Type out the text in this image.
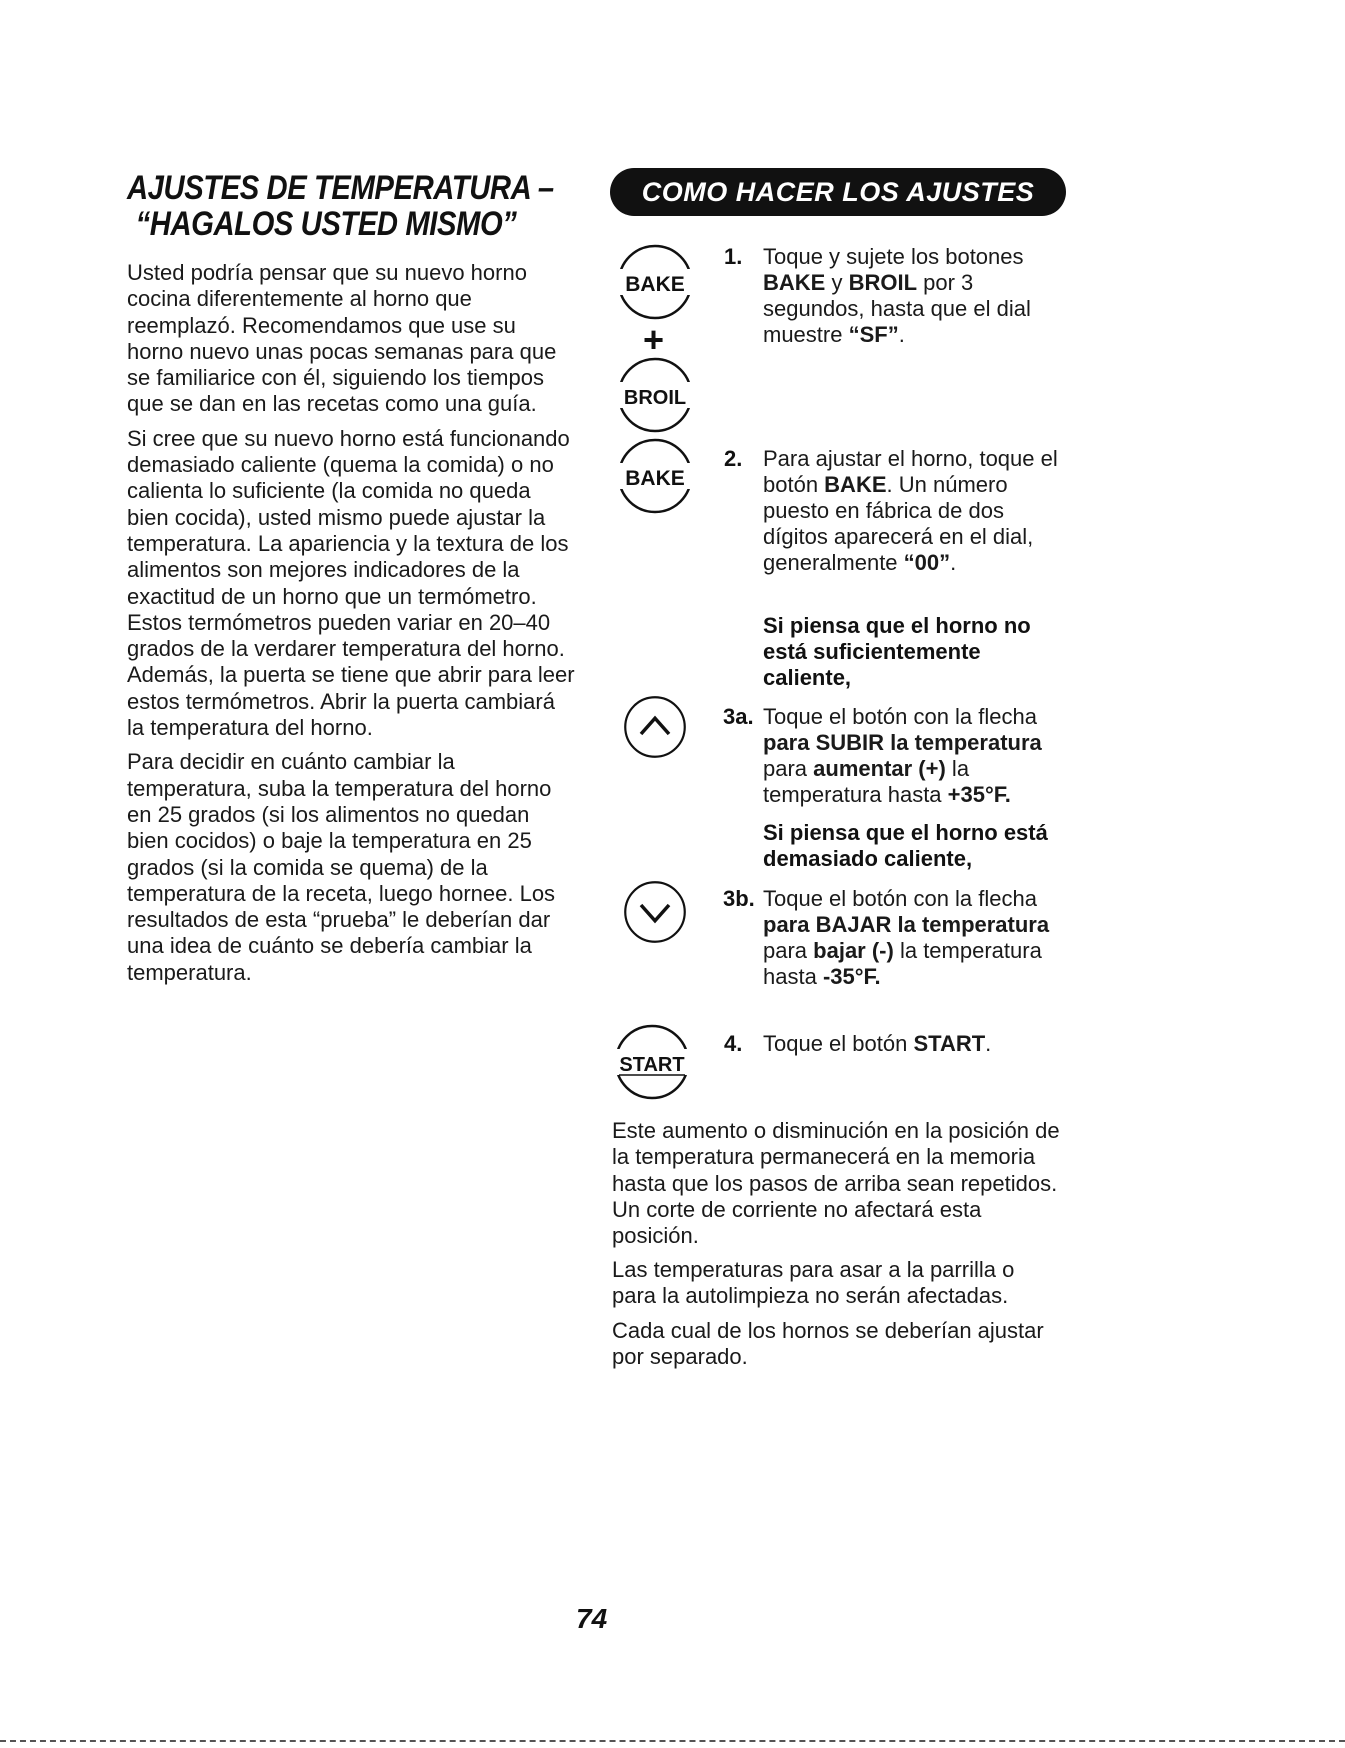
AJUSTES DE TEMPERATURA –
“HAGALOS USTED MISMO”

Usted podría pensar que su nuevo horno cocina diferentemente al horno que reemplazó. Recomendamos que use su horno nuevo unas pocas semanas para que se familiarice con él, siguiendo los tiempos que se dan en las recetas como una guía.

Si cree que su nuevo horno está funcionando demasiado caliente (quema la comida) o no calienta lo suficiente (la comida no queda bien cocida), usted mismo puede ajustar la temperatura. La apariencia y la textura de los alimentos son mejores indicadores de la exactitud de un horno que un termómetro. Estos termómetros pueden variar en 20–40 grados de la verdarer temperatura del horno. Además, la puerta se tiene que abrir para leer estos termómetros. Abrir la puerta cambiará la temperatura del horno.

Para decidir en cuánto cambiar la temperatura, suba la temperatura del horno en 25 grados (si los alimentos no quedan bien cocidos) o baje la temperatura en 25 grados (si la comida se quema) de la temperatura de la receta, luego hornee. Los resultados de esta “prueba” le deberían dar una idea de cuánto se debería cambiar la temperatura.

COMO HACER LOS AJUSTES
BAKE
+
BROIL
1. Toque y sujete los botones BAKE y BROIL por 3 segundos, hasta que el dial muestre “SF”.
BAKE
2. Para ajustar el horno, toque el botón BAKE. Un número puesto en fábrica de dos dígitos aparecerá en el dial, generalmente “00”.
Si piensa que el horno no está suficientemente caliente,
3a. Toque el botón con la flecha para SUBIR la temperatura para aumentar (+) la temperatura hasta +35°F.
Si piensa que el horno está demasiado caliente,
3b. Toque el botón con la flecha para BAJAR la temperatura para bajar (-) la temperatura hasta -35°F.
START
4. Toque el botón START.

Este aumento o disminución en la posición de la temperatura permanecerá en la memoria hasta que los pasos de arriba sean repetidos. Un corte de corriente no afectará esta posición.

Las temperaturas para asar a la parrilla o para la autolimpieza no serán afectadas.

Cada cual de los hornos se deberían ajustar por separado.

74
